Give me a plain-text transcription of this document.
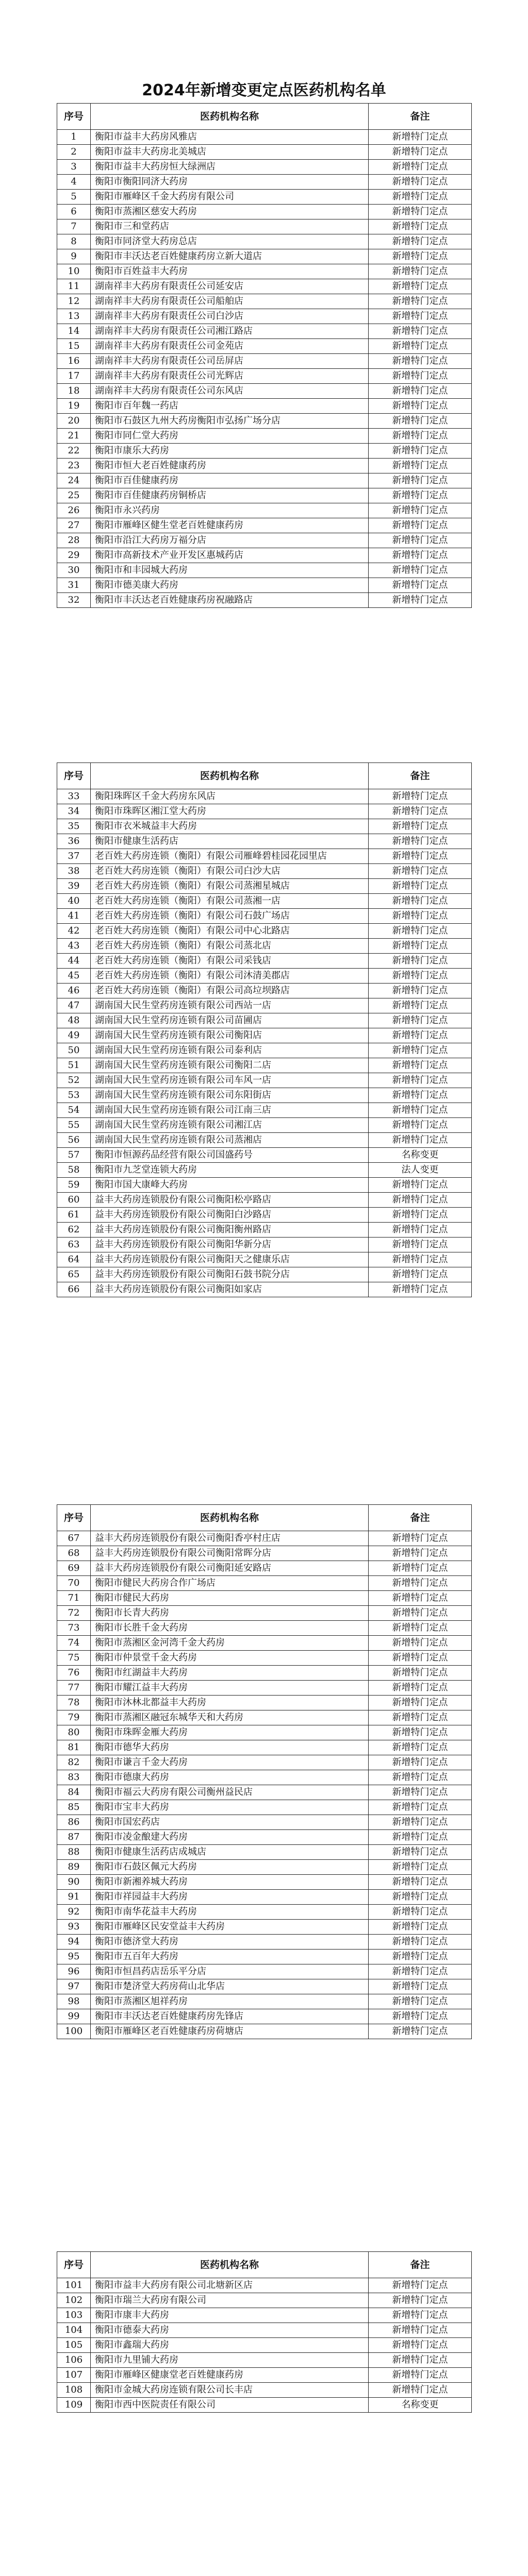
2024年新增变更定点医药机构名单
序号	医药机构名称	备注
1	衡阳市益丰大药房风雅店	新增特门定点
2	衡阳市益丰大药房北美城店	新增特门定点
3	衡阳市益丰大药房恒大绿洲店	新增特门定点
4	衡阳市衡阳同济大药房	新增特门定点
5	衡阳市雁峰区千金大药房有限公司	新增特门定点
6	衡阳市蒸湘区慈安大药房	新增特门定点
7	衡阳市三和堂药店	新增特门定点
8	衡阳市同济堂大药房总店	新增特门定点
9	衡阳市丰沃达老百姓健康药房立新大道店	新增特门定点
10	衡阳市百姓益丰大药房	新增特门定点
11	湖南祥丰大药房有限责任公司延安店	新增特门定点
12	湖南祥丰大药房有限责任公司船舶店	新增特门定点
13	湖南祥丰大药房有限责任公司白沙店	新增特门定点
14	湖南祥丰大药房有限责任公司湘江路店	新增特门定点
15	湖南祥丰大药房有限责任公司金苑店	新增特门定点
16	湖南祥丰大药房有限责任公司岳屏店	新增特门定点
17	湖南祥丰大药房有限责任公司光辉店	新增特门定点
18	湖南祥丰大药房有限责任公司东风店	新增特门定点
19	衡阳市百年魏一药店	新增特门定点
20	衡阳市石鼓区九州大药房衡阳市弘扬广场分店	新增特门定点
21	衡阳市同仁堂大药房	新增特门定点
22	衡阳市康乐大药房	新增特门定点
23	衡阳市恒大老百姓健康药房	新增特门定点
24	衡阳市百佳健康药房	新增特门定点
25	衡阳市百佳健康药房铜桥店	新增特门定点
26	衡阳市永兴药房	新增特门定点
27	衡阳市雁峰区健生堂老百姓健康药房	新增特门定点
28	衡阳市沿江大药房万福分店	新增特门定点
29	衡阳市高新技术产业开发区惠城药店	新增特门定点
30	衡阳市和丰园城大药房	新增特门定点
31	衡阳市德美康大药房	新增特门定点
32	衡阳市丰沃达老百姓健康药房祝融路店	新增特门定点
序号	医药机构名称	备注
33	衡阳珠晖区千金大药房东风店	新增特门定点
34	衡阳市珠晖区湘江堂大药房	新增特门定点
35	衡阳市衣米城益丰大药房	新增特门定点
36	衡阳市健康生活药店	新增特门定点
37	老百姓大药房连锁（衡阳）有限公司雁峰碧桂园花园里店	新增特门定点
38	老百姓大药房连锁（衡阳）有限公司白沙大店	新增特门定点
39	老百姓大药房连锁（衡阳）有限公司蒸湘星城店	新增特门定点
40	老百姓大药房连锁（衡阳）有限公司蒸湘一店	新增特门定点
41	老百姓大药房连锁（衡阳）有限公司石鼓广场店	新增特门定点
42	老百姓大药房连锁（衡阳）有限公司中心北路店	新增特门定点
43	老百姓大药房连锁（衡阳）有限公司蒸北店	新增特门定点
44	老百姓大药房连锁（衡阳）有限公司采钱店	新增特门定点
45	老百姓大药房连锁（衡阳）有限公司沐清美郡店	新增特门定点
46	老百姓大药房连锁（衡阳）有限公司高垃坝路店	新增特门定点
47	湖南国大民生堂药房连锁有限公司西站一店	新增特门定点
48	湖南国大民生堂药房连锁有限公司苗圃店	新增特门定点
49	湖南国大民生堂药房连锁有限公司衡阳店	新增特门定点
50	湖南国大民生堂药房连锁有限公司泰利店	新增特门定点
51	湖南国大民生堂药房连锁有限公司衡阳二店	新增特门定点
52	湖南国大民生堂药房连锁有限公司车风一店	新增特门定点
53	湖南国大民生堂药房连锁有限公司东阳街店	新增特门定点
54	湖南国大民生堂药房连锁有限公司江南三店	新增特门定点
55	湖南国大民生堂药房连锁有限公司湘江店	新增特门定点
56	湖南国大民生堂药房连锁有限公司蒸湘店	新增特门定点
57	衡阳市恒源药品经营有限公司国盛药号	名称变更
58	衡阳市九芝堂连锁大药房	法人变更
59	衡阳市国大康峰大药房	新增特门定点
60	益丰大药房连锁股份有限公司衡阳松亭路店	新增特门定点
61	益丰大药房连锁股份有限公司衡阳白沙路店	新增特门定点
62	益丰大药房连锁股份有限公司衡阳衡州路店	新增特门定点
63	益丰大药房连锁股份有限公司衡阳华新分店	新增特门定点
64	益丰大药房连锁股份有限公司衡阳天之健康乐店	新增特门定点
65	益丰大药房连锁股份有限公司衡阳石鼓书院分店	新增特门定点
66	益丰大药房连锁股份有限公司衡阳如家店	新增特门定点
序号	医药机构名称	备注
67	益丰大药房连锁股份有限公司衡阳香亭村庄店	新增特门定点
68	益丰大药房连锁股份有限公司衡阳常晖分店	新增特门定点
69	益丰大药房连锁股份有限公司衡阳延安路店	新增特门定点
70	衡阳市健民大药房合作广场店	新增特门定点
71	衡阳市健民大药房	新增特门定点
72	衡阳市长青大药房	新增特门定点
73	衡阳市长胜千金大药房	新增特门定点
74	衡阳市蒸湘区金河湾千金大药房	新增特门定点
75	衡阳市仲景堂千金大药房	新增特门定点
76	衡阳市红湖益丰大药房	新增特门定点
77	衡阳市耀江益丰大药房	新增特门定点
78	衡阳市沐林北都益丰大药房	新增特门定点
79	衡阳市蒸湘区融冠东城华天和大药房	新增特门定点
80	衡阳市珠晖金雁大药房	新增特门定点
81	衡阳市德华大药房	新增特门定点
82	衡阳市谦言千金大药房	新增特门定点
83	衡阳市德康大药房	新增特门定点
84	衡阳市福云大药房有限公司衡州益民店	新增特门定点
85	衡阳市宝丰大药房	新增特门定点
86	衡阳市国宏药店	新增特门定点
87	衡阳市凌金酿建大药房	新增特门定点
88	衡阳市健康生活药店成城店	新增特门定点
89	衡阳市石鼓区佩元大药房	新增特门定点
90	衡阳市新湘养城大药房	新增特门定点
91	衡阳市祥园益丰大药房	新增特门定点
92	衡阳市南华花益丰大药房	新增特门定点
93	衡阳市雁峰区民安堂益丰大药房	新增特门定点
94	衡阳市德济堂大药房	新增特门定点
95	衡阳市五百年大药房	新增特门定点
96	衡阳市恒昌药店岳乐平分店	新增特门定点
97	衡阳市楚济堂大药房荷山北华店	新增特门定点
98	衡阳市蒸湘区旭祥药房	新增特门定点
99	衡阳市丰沃达老百姓健康药房先锋店	新增特门定点
100	衡阳市雁峰区老百姓健康药房荷塘店	新增特门定点
序号	医药机构名称	备注
101	衡阳市益丰大药房有限公司北塘新区店	新增特门定点
102	衡阳市瑞兰大药房有限公司	新增特门定点
103	衡阳市康丰大药房	新增特门定点
104	衡阳市德泰大药房	新增特门定点
105	衡阳市鑫瑞大药房	新增特门定点
106	衡阳市九里铺大药房	新增特门定点
107	衡阳市雁峰区健康堂老百姓健康药房	新增特门定点
108	衡阳市金城大药房连锁有限公司长丰店	新增特门定点
109	衡阳市西中医院责任有限公司	名称变更
